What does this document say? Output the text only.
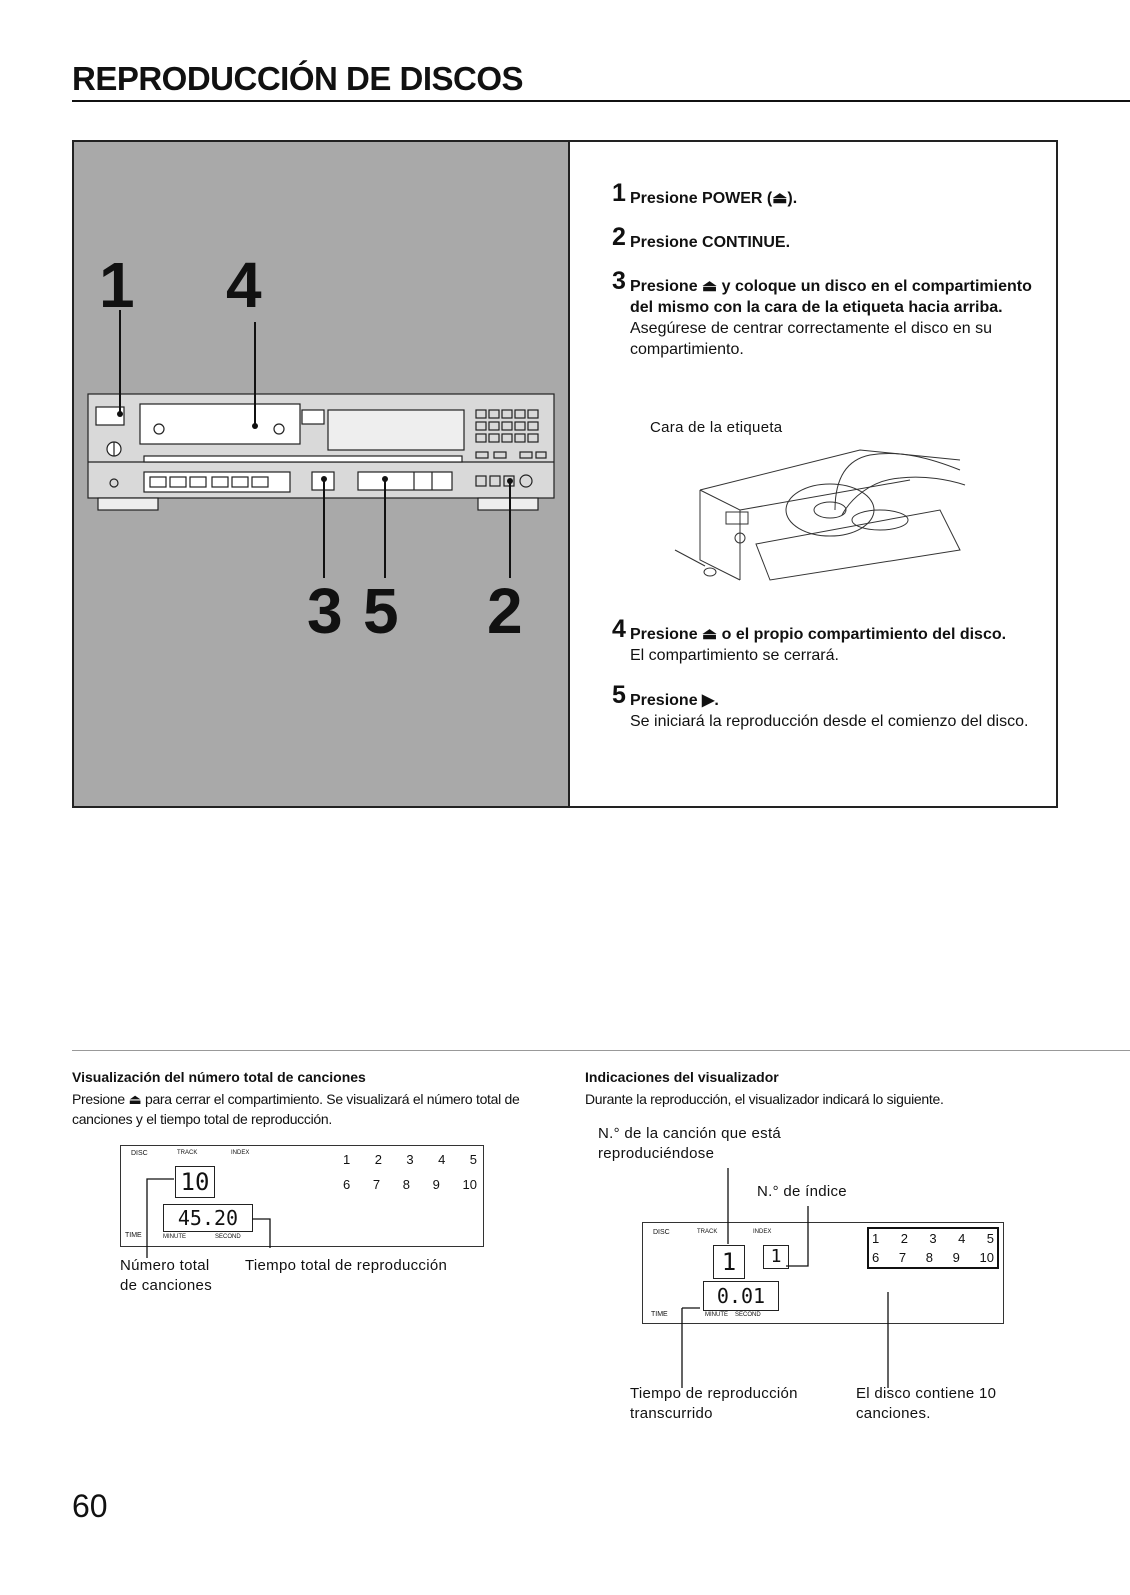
REPRODUCCIÓN DE DISCOS
1 4
3 5 2
1 Presione POWER (⏏).
2 Presione CONTINUE.
3 Presione ⏏ y coloque un disco en el compartimiento del mismo con la cara de la etiqueta hacia arriba.
Asegúrese de centrar correctamente el disco en su compartimiento.
Cara de la etiqueta
4 Presione ⏏ o el propio compartimiento del disco.
El compartimiento se cerrará.
5 Presione ▶.
Se iniciará la reproducción desde el comienzo del disco.
Visualización del número total de canciones
Presione ⏏ para cerrar el compartimiento. Se visualizará el número total de canciones y el tiempo total de reproducción.
DISC	TRACK	INDEX
TIME	MINUTE	SECOND
10
45.20
1 2 3 4 5
6 7 8 9 10
Número total de canciones
Tiempo total de reproducción
Indicaciones del visualizador
Durante la reproducción, el visualizador indicará lo siguiente.
N.° de la canción que está reproduciéndose
N.° de índice
DISC	TRACK	INDEX
TIME	MINUTE SECOND
1	1
0.01
1 2 3 4 5
6 7 8 9 10
Tiempo de reproducción transcurrido
El disco contiene 10 canciones.
60
